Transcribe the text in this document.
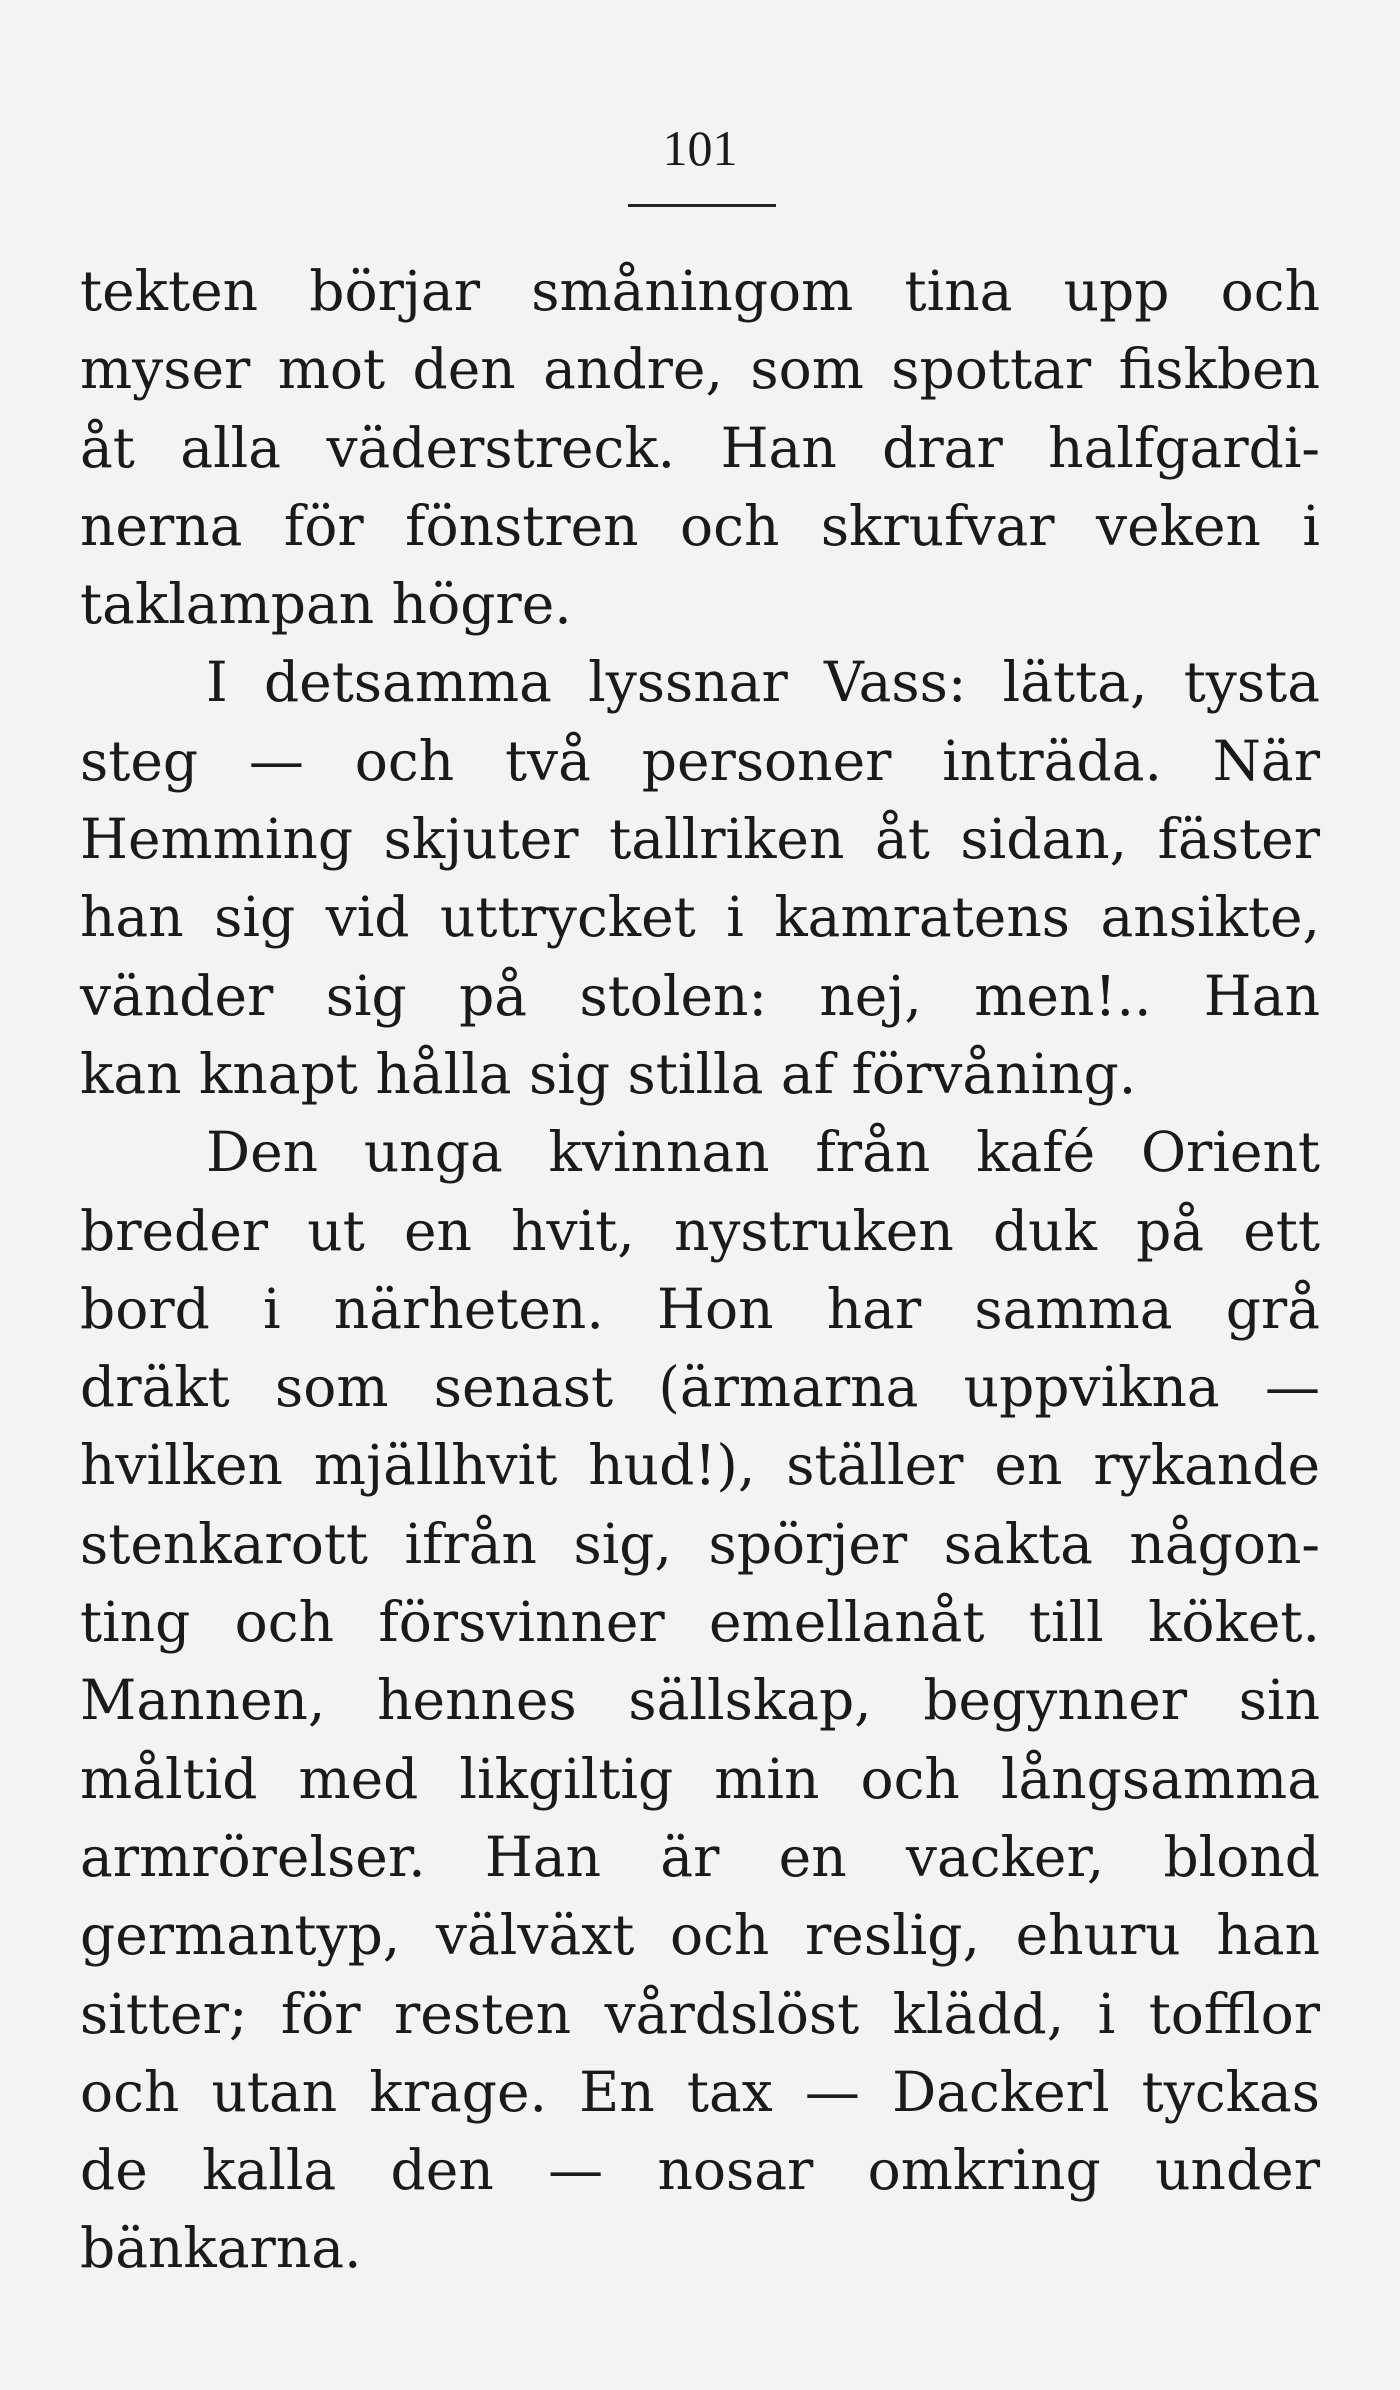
101
tekten börjar småningom tina upp och
myser mot den andre, som spottar fiskben
åt alla väderstreck. Han drar halfgardi-
nerna för fönstren och skrufvar veken i
taklampan högre.
I detsamma lyssnar Vass: lätta, tysta
steg — och två personer inträda. När
Hemming skjuter tallriken åt sidan, fäster
han sig vid uttrycket i kamratens ansikte,
vänder sig på stolen: nej, men!.. Han
kan knapt hålla sig stilla af förvåning.
Den unga kvinnan från kafé Orient
breder ut en hvit, nystruken duk på ett
bord i närheten. Hon har samma grå
dräkt som senast (ärmarna uppvikna —
hvilken mjällhvit hud!), ställer en rykande
stenkarott ifrån sig, spörjer sakta någon-
ting och försvinner emellanåt till köket.
Mannen, hennes sällskap, begynner sin
måltid med likgiltig min och långsamma
armrörelser. Han är en vacker, blond
germantyp, välväxt och reslig, ehuru han
sitter; för resten vårdslöst klädd, i tofflor
och utan krage. En tax — Dackerl tyckas
de kalla den — nosar omkring under
bänkarna.
